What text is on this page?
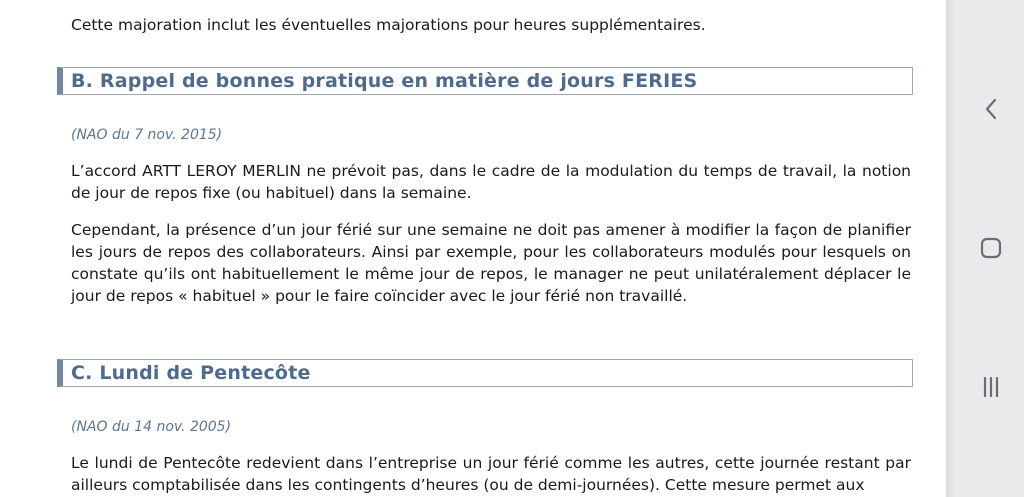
Cette majoration inclut les éventuelles majorations pour heures supplémentaires.

B. Rappel de bonnes pratique en matière de jours FERIES
(NAO du 7 nov. 2015)

L’accord ARTT LEROY MERLIN ne prévoit pas, dans le cadre de la modulation du temps de travail, la notion de jour de repos fixe (ou habituel) dans la semaine.

Cependant, la présence d’un jour férié sur une semaine ne doit pas amener à modifier la façon de planifier les jours de repos des collaborateurs. Ainsi par exemple, pour les collaborateurs modulés pour lesquels on constate qu’ils ont habituellement le même jour de repos, le manager ne peut unilatéralement déplacer le jour de repos « habituel » pour le faire coïncider avec le jour férié non travaillé.

C. Lundi de Pentecôte
(NAO du 14 nov. 2005)

Le lundi de Pentecôte redevient dans l’entreprise un jour férié comme les autres, cette journée restant par ailleurs comptabilisée dans les contingents d’heures (ou de demi-journées). Cette mesure permet aux
